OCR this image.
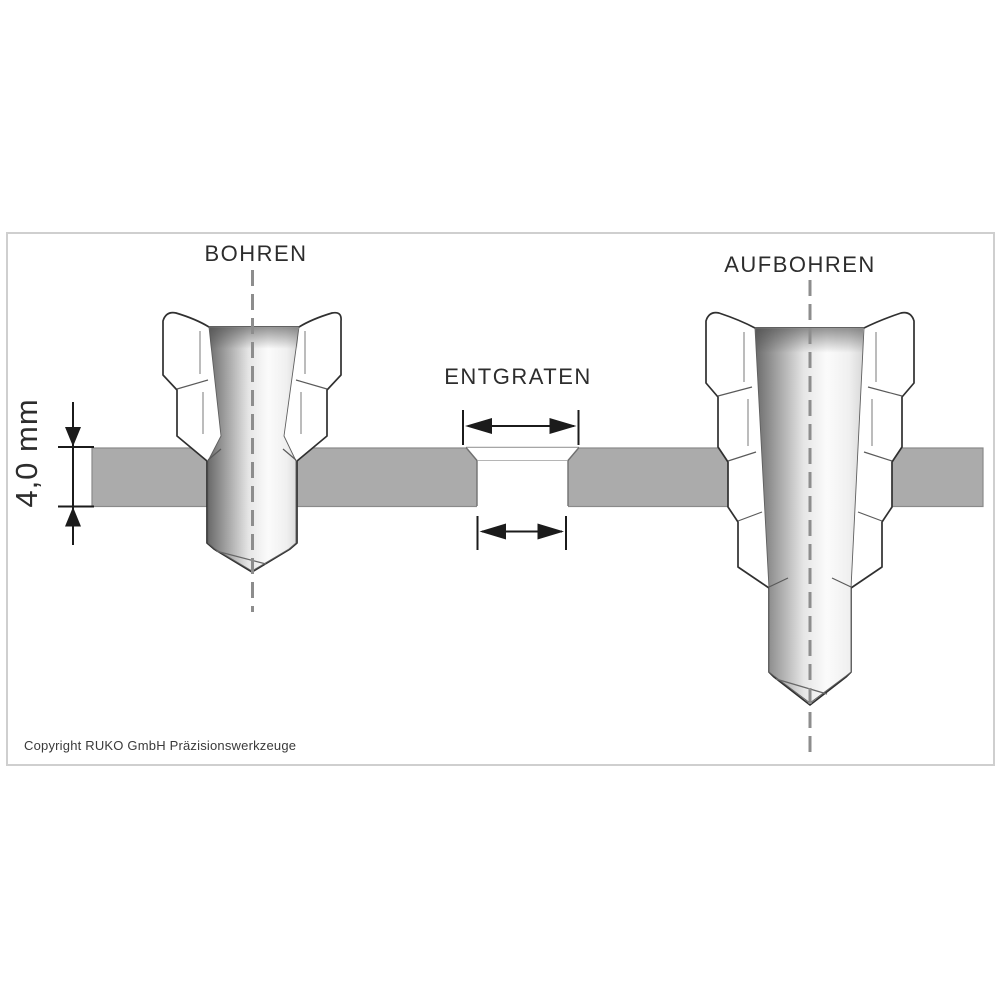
4,0 mm
BOHREN
ENTGRATEN
AUFBOHREN
Copyright RUKO GmbH Präzisionswerkzeuge
